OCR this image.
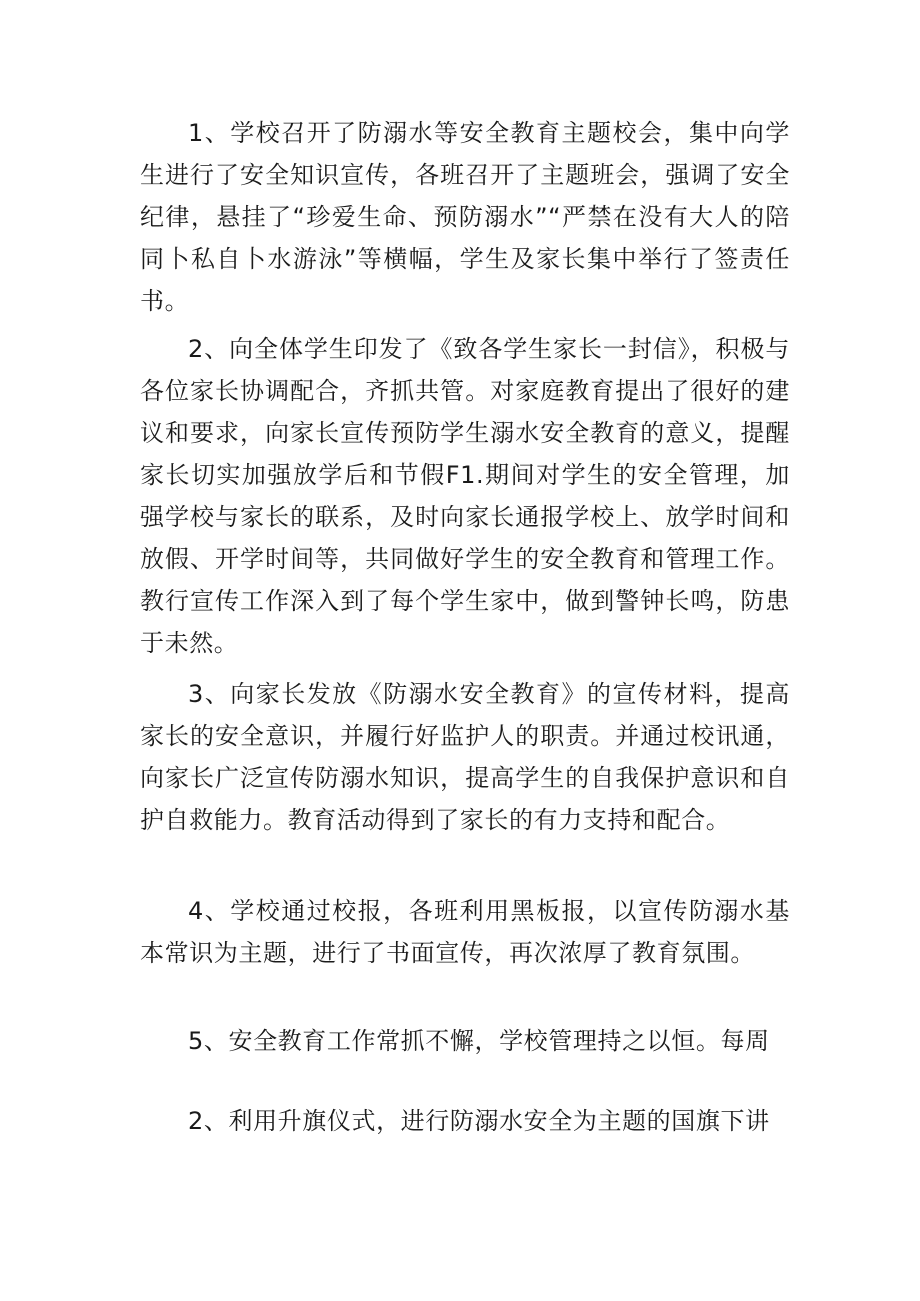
1、学校召开了防溺水等安全教育主题校会，集中向学生进行了安全知识宣传，各班召开了主题班会，强调了安全纪律，悬挂了“珍爱生命、预防溺水”“严禁在没有大人的陪同卜私自卜水游泳”等横幅，学生及家长集中举行了签责任书。

2、向全体学生印发了《致各学生家长一封信》，积极与各位家长协调配合，齐抓共管。对家庭教育提出了很好的建议和要求，向家长宣传预防学生溺水安全教育的意义，提醒家长切实加强放学后和节假F1.期间对学生的安全管理，加强学校与家长的联系，及时向家长通报学校上、放学时间和放假、开学时间等，共同做好学生的安全教育和管理工作。教行宣传工作深入到了每个学生家中，做到警钟长鸣，防患于未然。

3、向家长发放《防溺水安全教育》的宣传材料，提高家长的安全意识，并履行好监护人的职责。并通过校讯通，向家长广泛宣传防溺水知识，提高学生的自我保护意识和自护自救能力。教育活动得到了家长的有力支持和配合。

4、学校通过校报，各班利用黑板报，以宣传防溺水基本常识为主题，进行了书面宣传，再次浓厚了教育氛围。

5、安全教育工作常抓不懈，学校管理持之以恒。每周

2、利用升旗仪式，进行防溺水安全为主题的国旗下讲
